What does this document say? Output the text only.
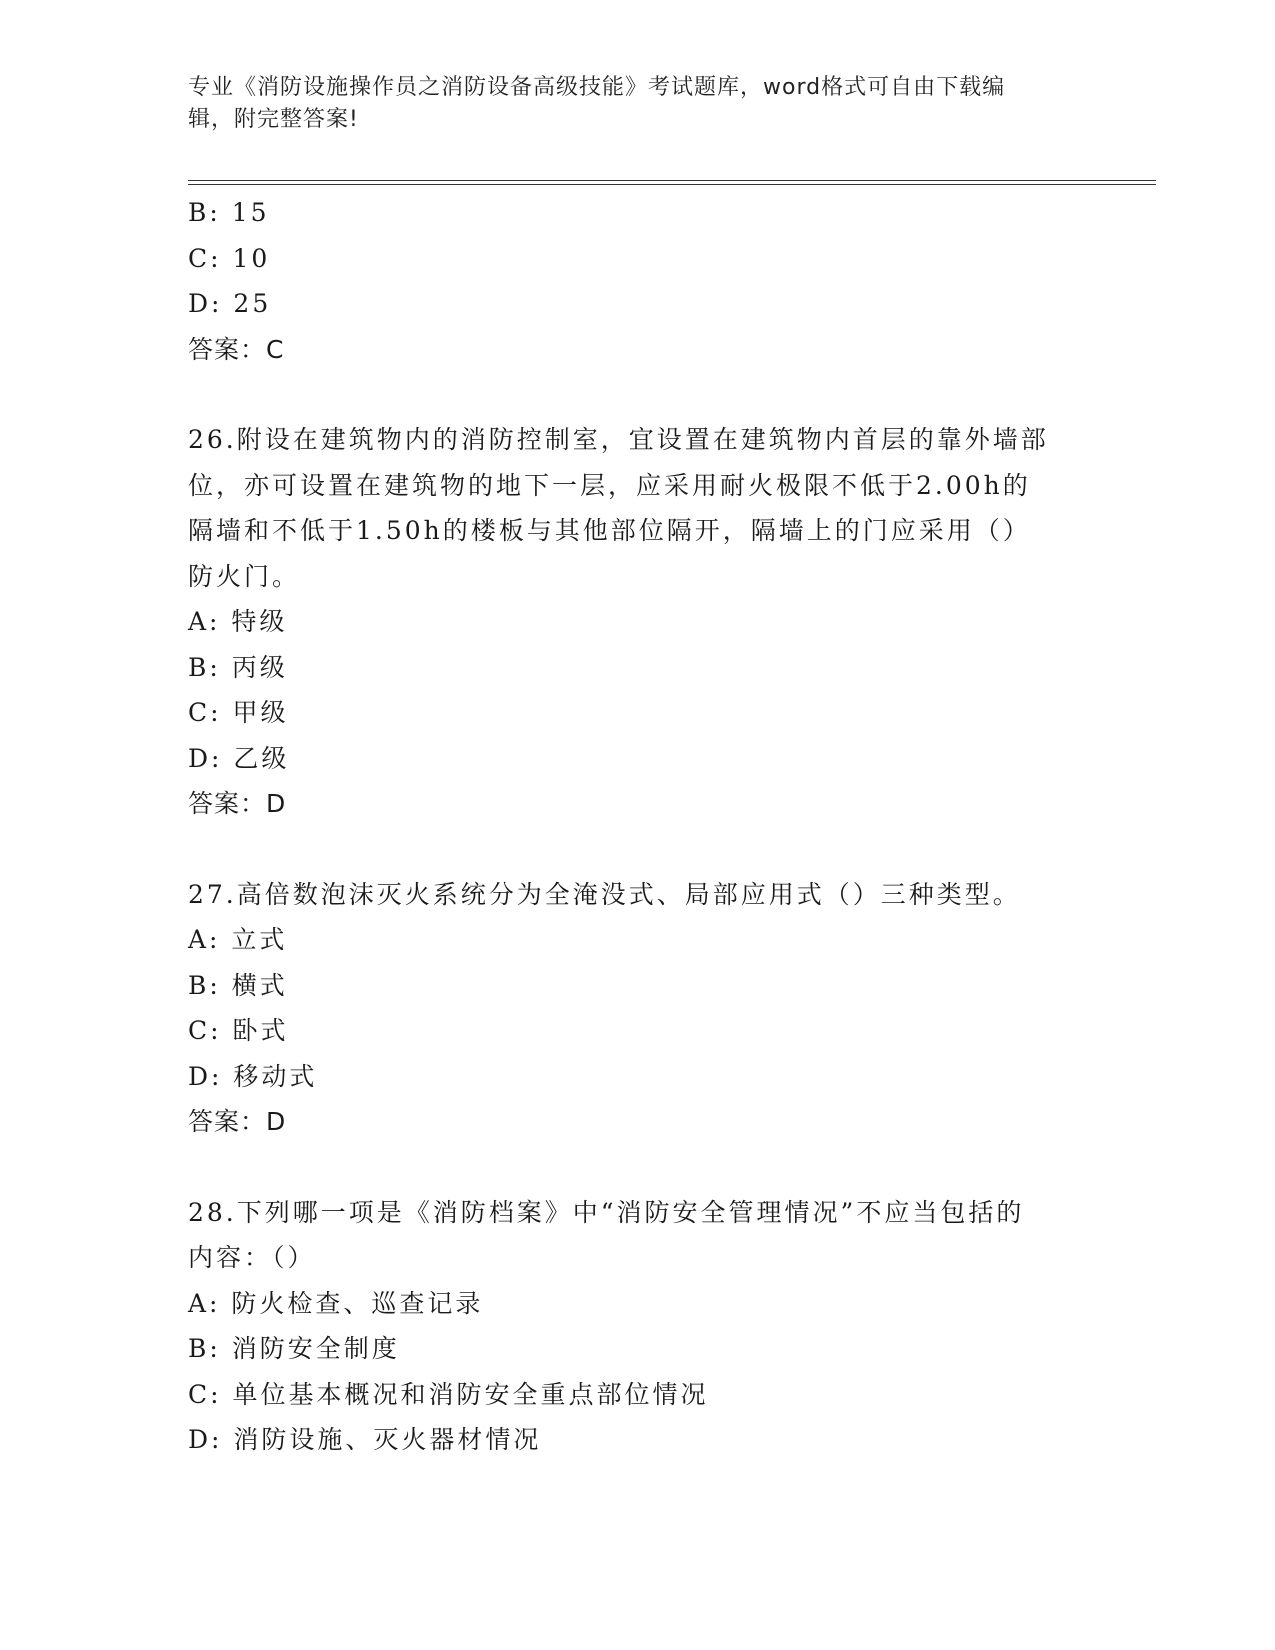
专业《消防设施操作员之消防设备高级技能》考试题库，word格式可自由下载编
辑，附完整答案!
B: 15
C: 10
D: 25
答案：C
26.附设在建筑物内的消防控制室，宜设置在建筑物内首层的靠外墙部
位，亦可设置在建筑物的地下一层，应采用耐火极限不低于2.00h的
隔墙和不低于1.50h的楼板与其他部位隔开，隔墙上的门应采用（）
防火门。
A: 特级
B: 丙级
C: 甲级
D: 乙级
答案：D
27.高倍数泡沫灭火系统分为全淹没式、局部应用式（）三种类型。
A: 立式
B: 横式
C: 卧式
D: 移动式
答案：D
28.下列哪一项是《消防档案》中“消防安全管理情况”不应当包括的
内容：（）
A: 防火检查、巡查记录
B: 消防安全制度
C: 单位基本概况和消防安全重点部位情况
D: 消防设施、灭火器材情况
